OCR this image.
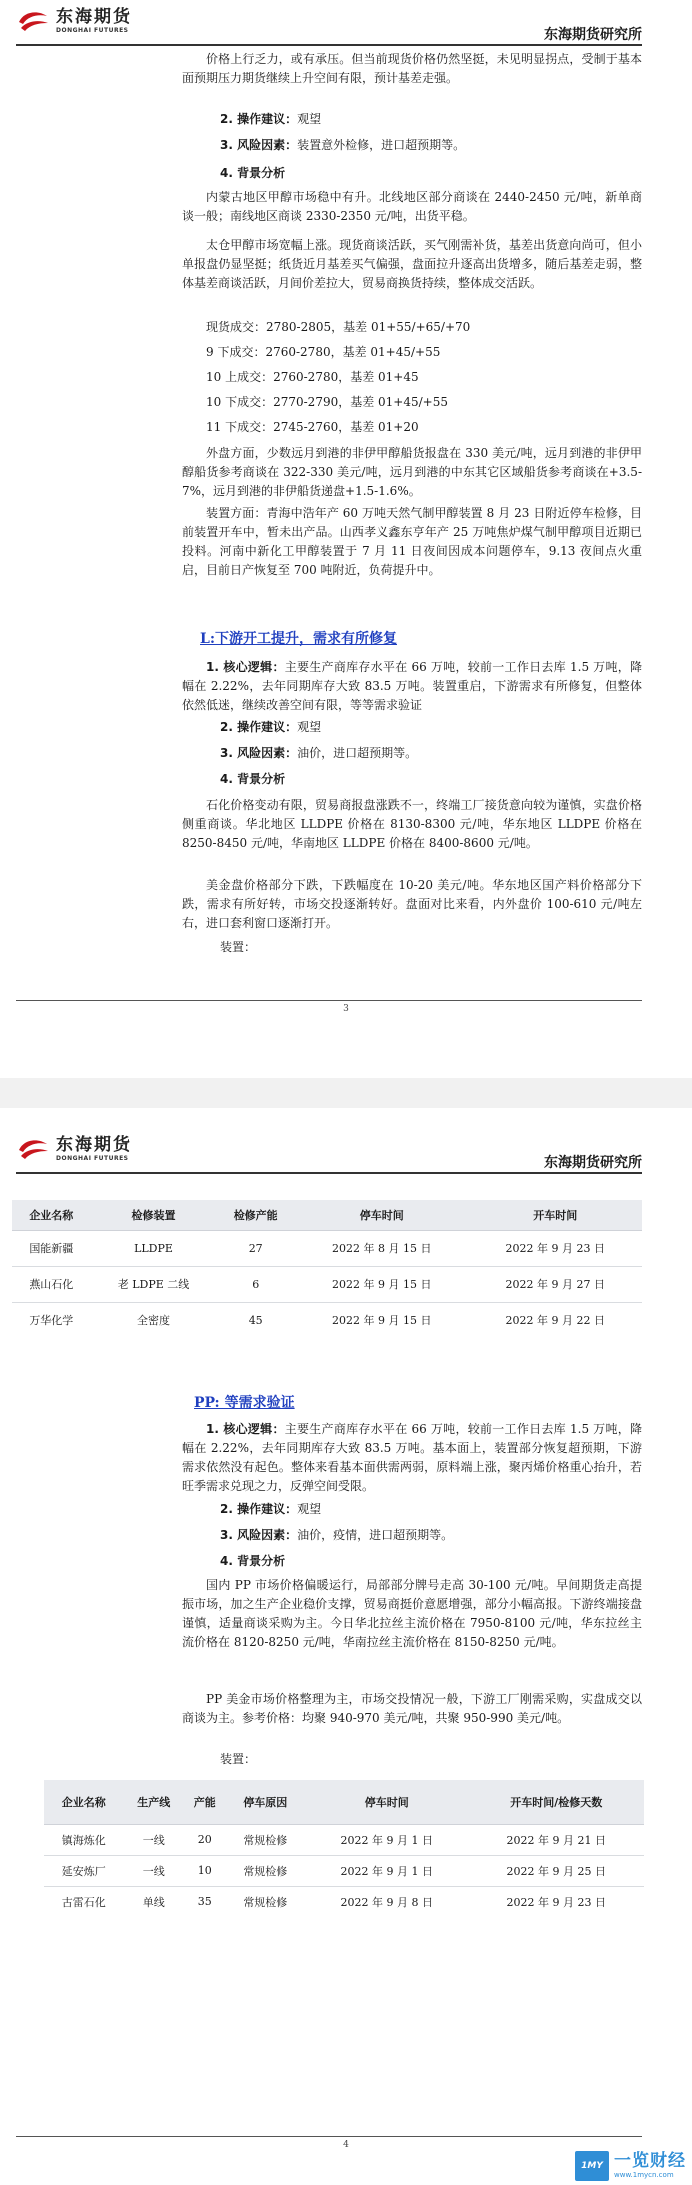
东海期货
DONGHAI FUTURES	东海期货研究所
价格上行乏力，或有承压。但当前现货价格仍然坚挺，未见明显拐点，受制于基本面预期压力期货继续上升空间有限，预计基差走强。
2. 操作建议：观望
3. 风险因素：装置意外检修，进口超预期等。
4. 背景分析
内蒙古地区甲醇市场稳中有升。北线地区部分商谈在 2440-2450 元/吨，新单商谈一般；南线地区商谈 2330-2350 元/吨，出货平稳。
太仓甲醇市场宽幅上涨。现货商谈活跃，买气刚需补货，基差出货意向尚可，但小单报盘仍显坚挺；纸货近月基差买气偏强，盘面拉升逐高出货增多，随后基差走弱，整体基差商谈活跃，月间价差拉大，贸易商换货持续，整体成交活跃。
现货成交：2780-2805，基差 01+55/+65/+70
9 下成交：2760-2780，基差 01+45/+55
10 上成交：2760-2780，基差 01+45
10 下成交：2770-2790，基差 01+45/+55
11 下成交：2745-2760，基差 01+20
外盘方面，少数远月到港的非伊甲醇船货报盘在 330 美元/吨，远月到港的非伊甲醇船货参考商谈在 322-330 美元/吨，远月到港的中东其它区域船货参考商谈在+3.5-7%，远月到港的非伊船货递盘+1.5-1.6%。
装置方面：青海中浩年产 60 万吨天然气制甲醇装置 8 月 23 日附近停车检修，目前装置开车中，暂未出产品。山西孝义鑫东亨年产 25 万吨焦炉煤气制甲醇项目近期已投料。河南中新化工甲醇装置于 7 月 11 日夜间因成本问题停车，9.13 夜间点火重启，目前日产恢复至 700 吨附近，负荷提升中。
L:下游开工提升，需求有所修复
1. 核心逻辑：主要生产商库存水平在 66 万吨，较前一工作日去库 1.5 万吨，降幅在 2.22%，去年同期库存大致 83.5 万吨。装置重启，下游需求有所修复，但整体依然低迷，继续改善空间有限，等等需求验证
2. 操作建议：观望
3. 风险因素：油价，进口超预期等。
4. 背景分析
石化价格变动有限，贸易商报盘涨跌不一，终端工厂接货意向较为谨慎，实盘价格侧重商谈。华北地区 LLDPE 价格在 8130-8300 元/吨，华东地区 LLDPE 价格在 8250-8450 元/吨，华南地区 LLDPE 价格在 8400-8600 元/吨。
美金盘价格部分下跌，下跌幅度在 10-20 美元/吨。华东地区国产料价格部分下跌，需求有所好转，市场交投逐渐转好。盘面对比来看，内外盘价 100-610 元/吨左右，进口套利窗口逐渐打开。
装置：
3
东海期货
DONGHAI FUTURES	东海期货研究所
企业名称	检修装置	检修产能	停车时间	开车时间
国能新疆	LLDPE	27	2022 年 8 月 15 日	2022 年 9 月 23 日
燕山石化	老 LDPE 二线	6	2022 年 9 月 15 日	2022 年 9 月 27 日
万华化学	全密度	45	2022 年 9 月 15 日	2022 年 9 月 22 日
PP: 等需求验证
1. 核心逻辑：主要生产商库存水平在 66 万吨，较前一工作日去库 1.5 万吨，降幅在 2.22%，去年同期库存大致 83.5 万吨。基本面上，装置部分恢复超预期，下游需求依然没有起色。整体来看基本面供需两弱，原料端上涨，聚丙烯价格重心抬升，若旺季需求兑现之力，反弹空间受限。
2. 操作建议：观望
3. 风险因素：油价，疫情，进口超预期等。
4. 背景分析
国内 PP 市场价格偏暖运行，局部部分牌号走高 30-100 元/吨。早间期货走高提振市场，加之生产企业稳价支撑，贸易商挺价意愿增强，部分小幅高报。下游终端接盘谨慎，适量商谈采购为主。今日华北拉丝主流价格在 7950-8100 元/吨，华东拉丝主流价格在 8120-8250 元/吨，华南拉丝主流价格在 8150-8250 元/吨。
PP 美金市场价格整理为主，市场交投情况一般，下游工厂刚需采购，实盘成交以商谈为主。参考价格：均聚 940-970 美元/吨，共聚 950-990 美元/吨。
装置：
企业名称	生产线	产能	停车原因	停车时间	开车时间/检修天数
镇海炼化	一线	20	常规检修	2022 年 9 月 1 日	2022 年 9 月 21 日
延安炼厂	一线	10	常规检修	2022 年 9 月 1 日	2022 年 9 月 25 日
古雷石化	单线	35	常规检修	2022 年 9 月 8 日	2022 年 9 月 23 日
4
1MY 一览财经
www.1mycn.com
